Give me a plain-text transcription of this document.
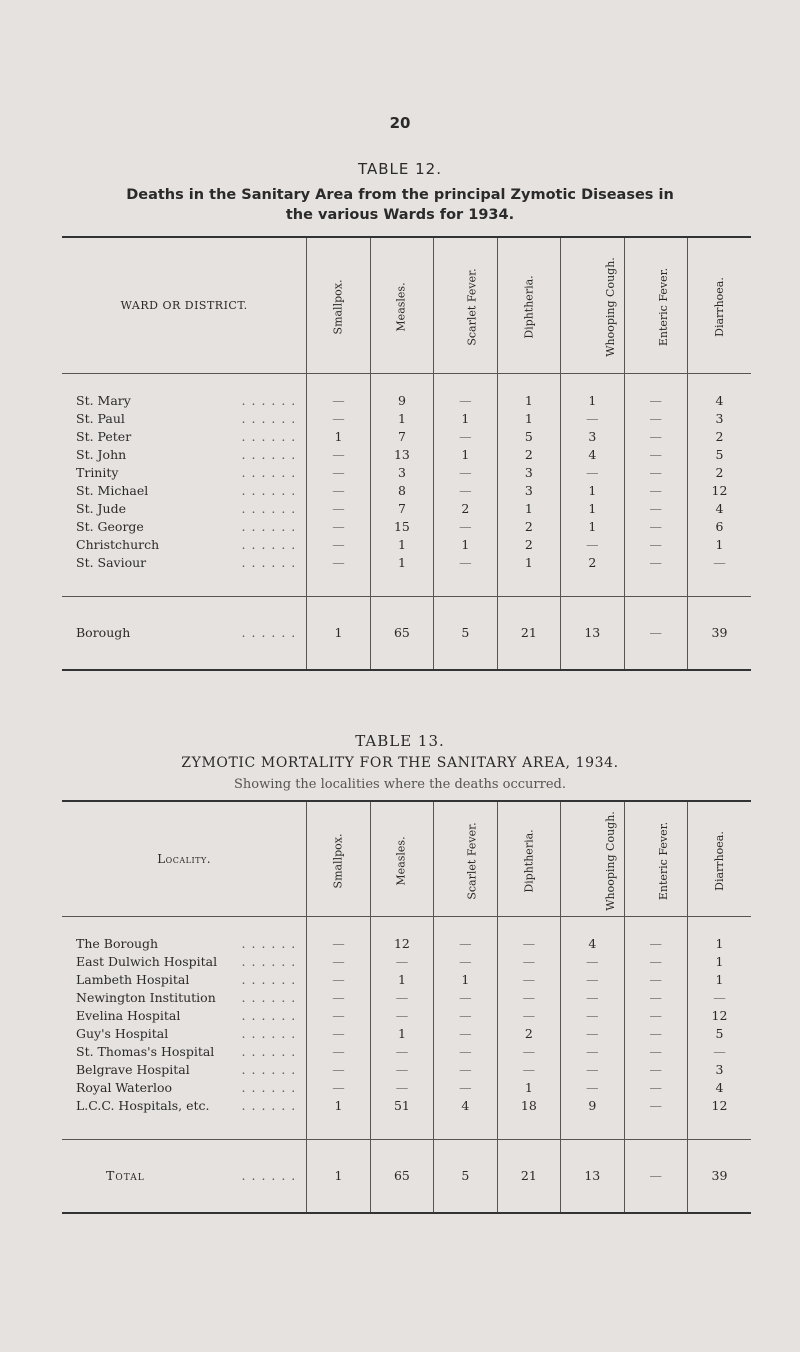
20
TABLE 12.
Deaths in the Sanitary Area from the principal Zymotic Diseases in
the various Wards for 1934.
WARD OR DISTRICT.	Smallpox.	Measles.	Scarlet Fever.	Diphtheria.	Whooping Cough.	Enteric Fever.	Diarrhoea.

St. Mary . .	—	9	—	1	1	—	4
St. Paul . .	—	1	1	1	—	—	3
St. Peter . .	1	7	—	5	3	—	2
St. John . .	—	13	1	2	4	—	5
Trinity . .	—	3	—	3	—	—	2
St. Michael . .	—	8	—	3	1	—	12
St. Jude . .	—	7	2	1	1	—	4
St. George . .	—	15	—	2	1	—	6
Christchurch . .	—	1	1	2	—	—	1
St. Saviour . .	—	1	—	1	2	—	—

Borough . .	1	65	5	21	13	—	39
TABLE 13.
ZYMOTIC MORTALITY FOR THE SANITARY AREA, 1934.
Showing the localities where the deaths occurred.
Locality.	Smallpox.	Measles.	Scarlet Fever.	Diphtheria.	Whooping Cough.	Enteric Fever.	Diarrhoea.

The Borough . .	—	12	—	—	4	—	1
East Dulwich Hospital . .	—	—	—	—	—	—	1
Lambeth Hospital . .	—	1	1	—	—	—	1
Newington Institution . .	—	—	—	—	—	—	—
Evelina Hospital . .	—	—	—	—	—	—	12
Guy's Hospital . .	—	1	—	2	—	—	5
St. Thomas's Hospital . .	—	—	—	—	—	—	—
Belgrave Hospital . .	—	—	—	—	—	—	3
Royal Waterloo . .	—	—	—	1	—	—	4
L.C.C. Hospitals, etc. . .	1	51	4	18	9	—	12

Total . .	1	65	5	21	13	—	39
